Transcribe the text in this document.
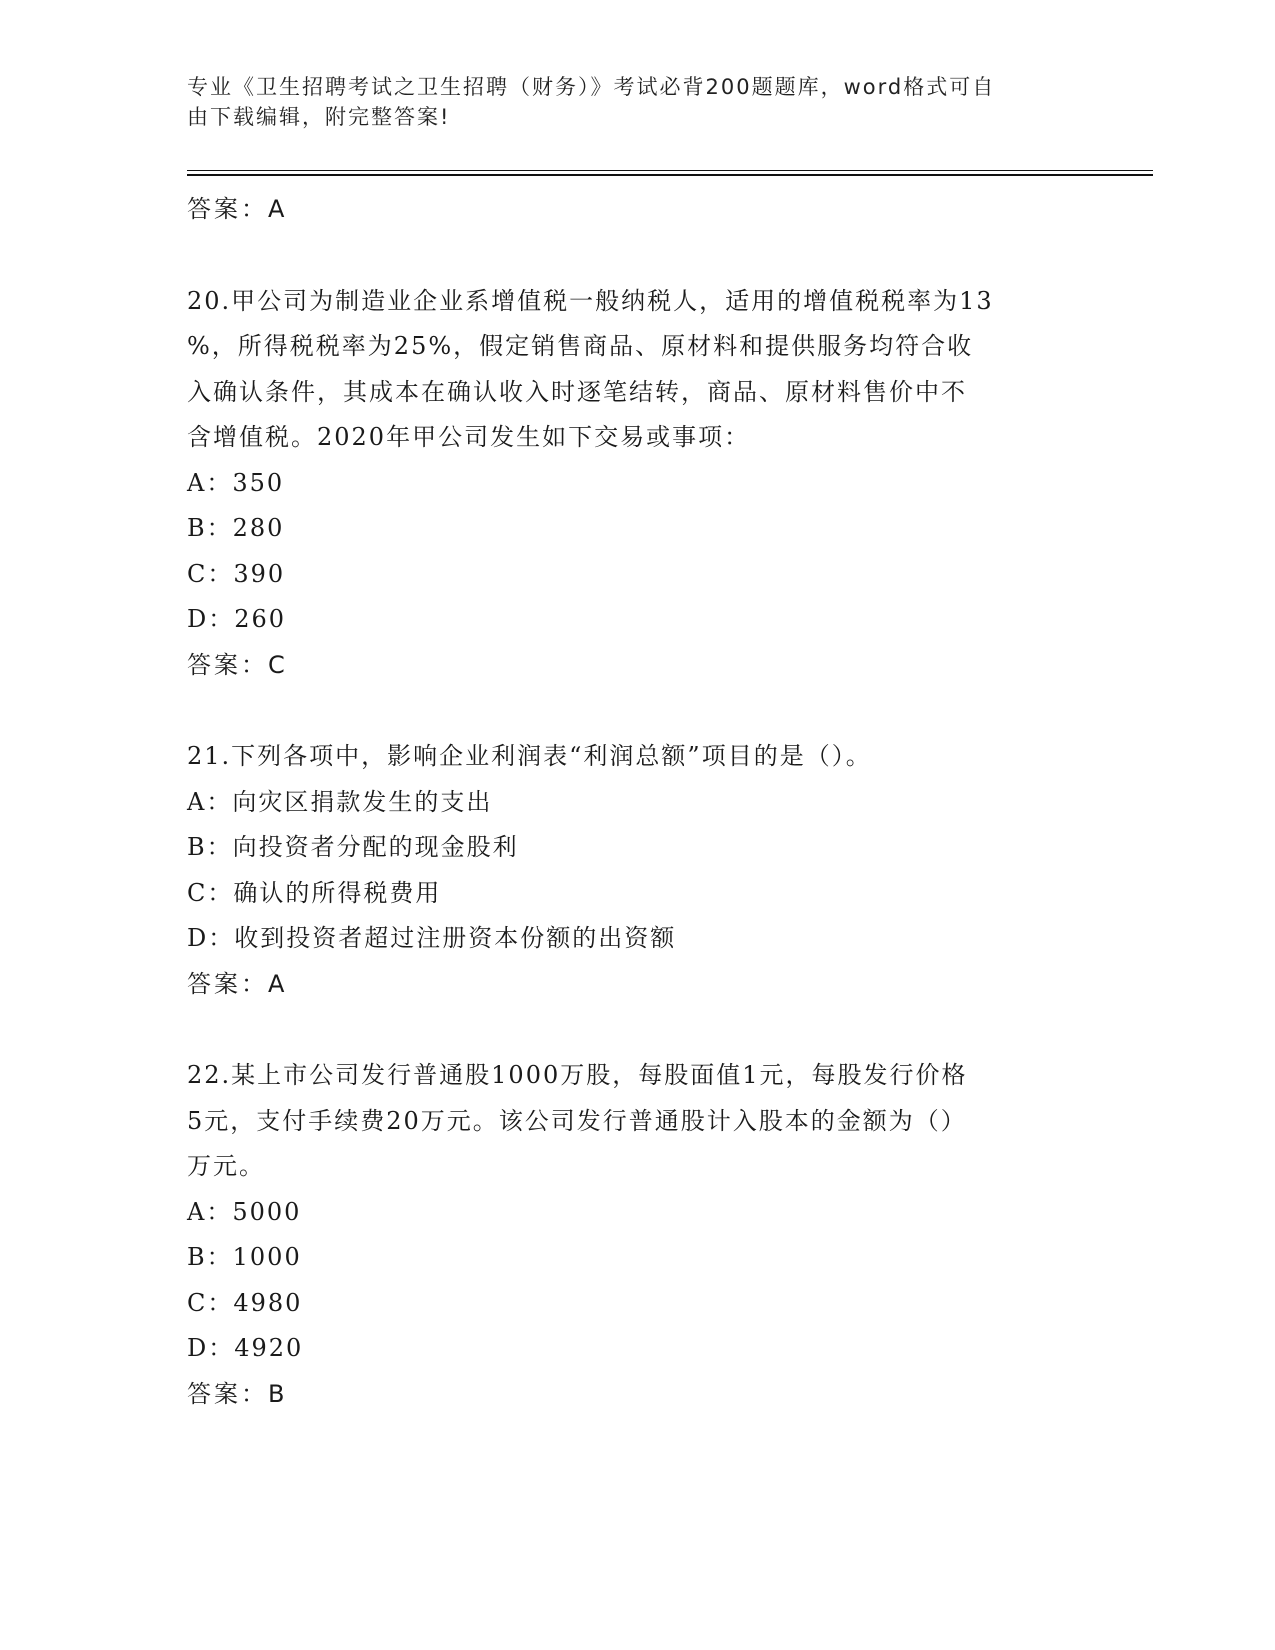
专业《卫生招聘考试之卫生招聘（财务）》考试必背200题题库，word格式可自
由下载编辑，附完整答案!
答案：A
20.甲公司为制造业企业系增值税一般纳税人，适用的增值税税率为13
%，所得税税率为25%，假定销售商品、原材料和提供服务均符合收
入确认条件，其成本在确认收入时逐笔结转，商品、原材料售价中不
含增值税。2020年甲公司发生如下交易或事项：
A：350
B：280
C：390
D：260
答案：C
21.下列各项中，影响企业利润表“利润总额”项目的是（）。
A：向灾区捐款发生的支出
B：向投资者分配的现金股利
C：确认的所得税费用
D：收到投资者超过注册资本份额的出资额
答案：A
22.某上市公司发行普通股1000万股，每股面值1元，每股发行价格
5元，支付手续费20万元。该公司发行普通股计入股本的金额为（）
万元。
A：5000
B：1000
C：4980
D：4920
答案：B
